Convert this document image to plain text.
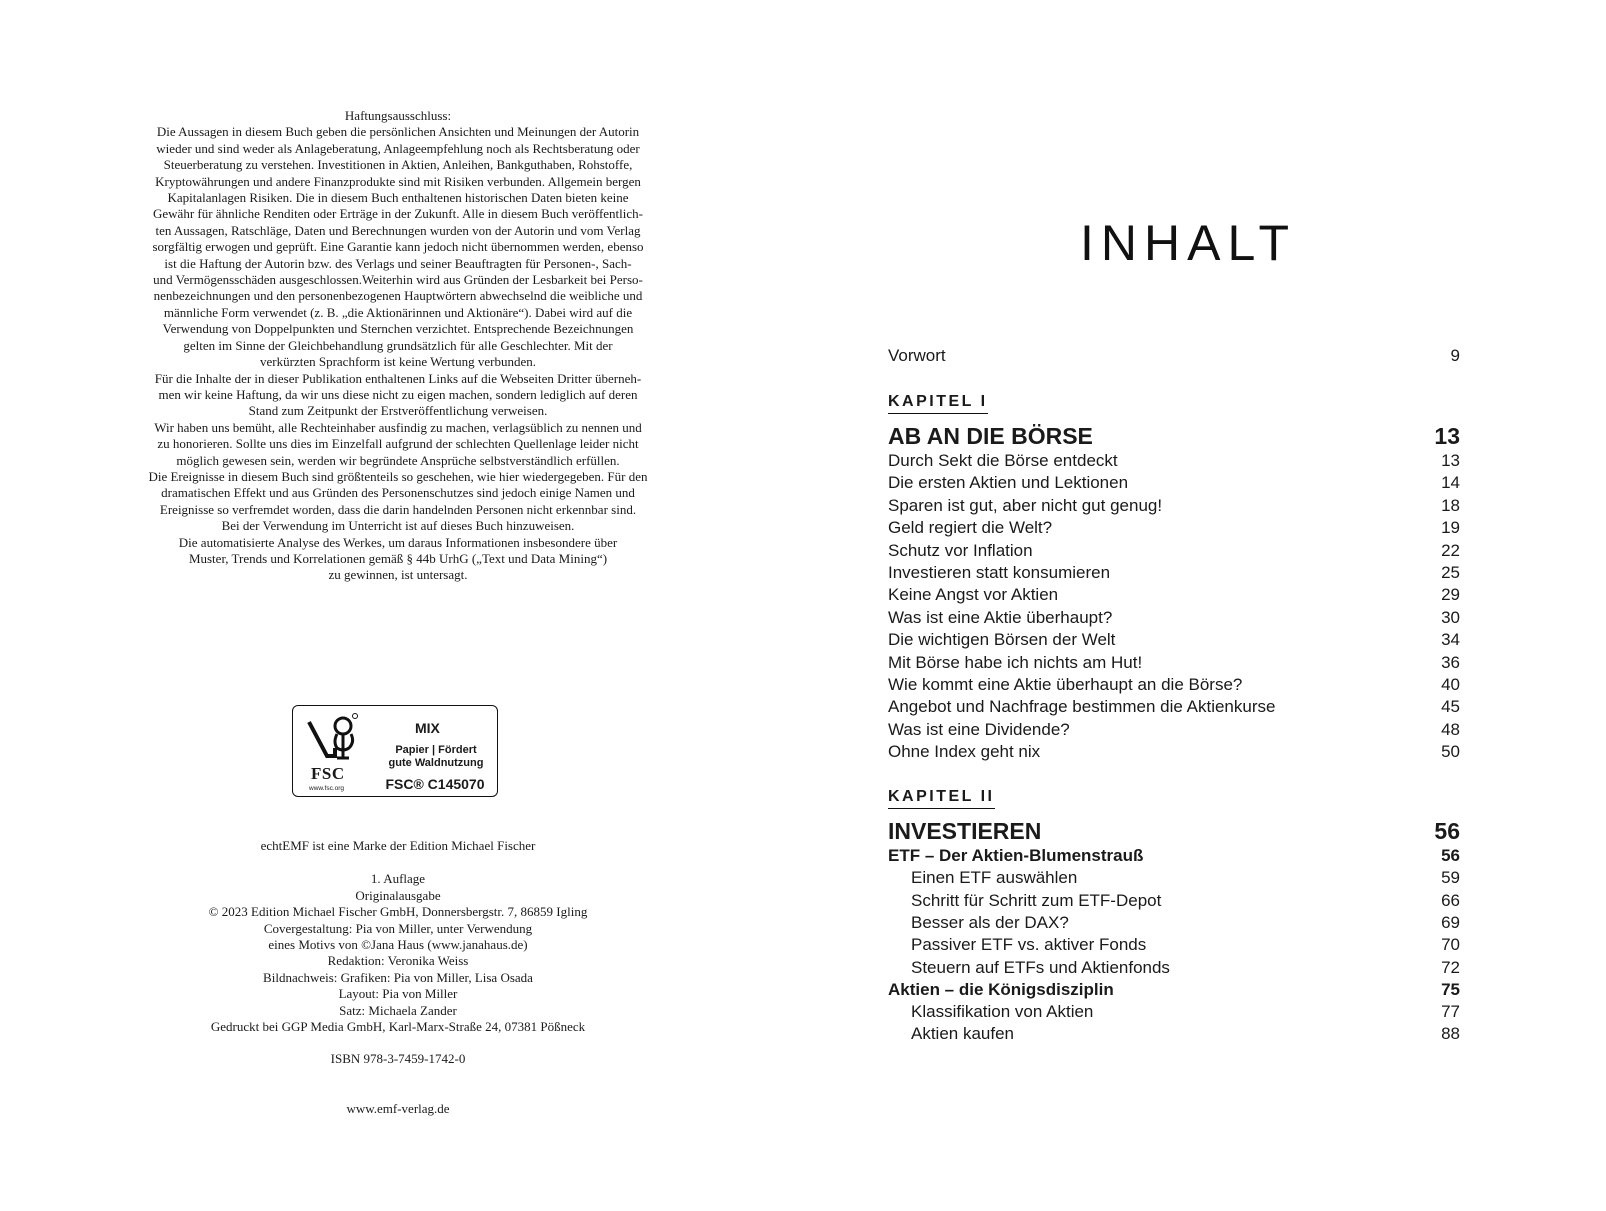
Haftungsausschluss:
Die Aussagen in diesem Buch geben die persönlichen Ansichten und Meinungen der Autorin
wieder und sind weder als Anlageberatung, Anlageempfehlung noch als Rechtsberatung oder
Steuerberatung zu verstehen. Investitionen in Aktien, Anleihen, Bankguthaben, Rohstoffe,
Kryptowährungen und andere Finanzprodukte sind mit Risiken verbunden. Allgemein bergen
Kapitalanlagen Risiken. Die in diesem Buch enthaltenen historischen Daten bieten keine
Gewähr für ähnliche Renditen oder Erträge in der Zukunft. Alle in diesem Buch veröffentlich-
ten Aussagen, Ratschläge, Daten und Berechnungen wurden von der Autorin und vom Verlag
sorgfältig erwogen und geprüft. Eine Garantie kann jedoch nicht übernommen werden, ebenso
ist die Haftung der Autorin bzw. des Verlags und seiner Beauftragten für Personen-, Sach-
und Vermögensschäden ausgeschlossen.Weiterhin wird aus Gründen der Lesbarkeit bei Perso-
nenbezeichnungen und den personenbezogenen Hauptwörtern abwechselnd die weibliche und
männliche Form verwendet (z. B. „die Aktionärinnen und Aktionäre“). Dabei wird auf die
Verwendung von Doppelpunkten und Sternchen verzichtet. Entsprechende Bezeichnungen
gelten im Sinne der Gleichbehandlung grundsätzlich für alle Geschlechter. Mit der
verkürzten Sprachform ist keine Wertung verbunden.

Für die Inhalte der in dieser Publikation enthaltenen Links auf die Webseiten Dritter überneh-
men wir keine Haftung, da wir uns diese nicht zu eigen machen, sondern lediglich auf deren
Stand zum Zeitpunkt der Erstveröffentlichung verweisen.

Wir haben uns bemüht, alle Rechteinhaber ausfindig zu machen, verlagsüblich zu nennen und
zu honorieren. Sollte uns dies im Einzelfall aufgrund der schlechten Quellenlage leider nicht
möglich gewesen sein, werden wir begründete Ansprüche selbstverständlich erfüllen.

Die Ereignisse in diesem Buch sind größtenteils so geschehen, wie hier wiedergegeben. Für den
dramatischen Effekt und aus Gründen des Personenschutzes sind jedoch einige Namen und
Ereignisse so verfremdet worden, dass die darin handelnden Personen nicht erkennbar sind.

Bei der Verwendung im Unterricht ist auf dieses Buch hinzuweisen.

Die automatisierte Analyse des Werkes, um daraus Informationen insbesondere über
Muster, Trends und Korrelationen gemäß § 44b UrhG („Text und Data Mining“)
zu gewinnen, ist untersagt.

FSC
www.fsc.org
MIX
Papier | Fördert
gute Waldnutzung
FSC® C145070

echtEMF ist eine Marke der Edition Michael Fischer

1. Auflage
Originalausgabe
© 2023 Edition Michael Fischer GmbH, Donnersbergstr. 7, 86859 Igling
Covergestaltung: Pia von Miller, unter Verwendung
eines Motivs von ©Jana Haus (www.janahaus.de)
Redaktion: Veronika Weiss
Bildnachweis: Grafiken: Pia von Miller, Lisa Osada
Layout: Pia von Miller
Satz: Michaela Zander
Gedruckt bei GGP Media GmbH, Karl-Marx-Straße 24, 07381 Pößneck

ISBN 978-3-7459-1742-0

www.emf-verlag.de

INHALT
Vorwort	9
KAPITEL I
AB AN DIE BÖRSE	13
Durch Sekt die Börse entdeckt	13
Die ersten Aktien und Lektionen	14
Sparen ist gut, aber nicht gut genug!	18
Geld regiert die Welt?	19
Schutz vor Inflation	22
Investieren statt konsumieren	25
Keine Angst vor Aktien	29
Was ist eine Aktie überhaupt?	30
Die wichtigen Börsen der Welt	34
Mit Börse habe ich nichts am Hut!	36
Wie kommt eine Aktie überhaupt an die Börse?	40
Angebot und Nachfrage bestimmen die Aktienkurse	45
Was ist eine Dividende?	48
Ohne Index geht nix	50
KAPITEL II
INVESTIEREN	56
ETF – Der Aktien-Blumenstrauß	56
Einen ETF auswählen	59
Schritt für Schritt zum ETF-Depot	66
Besser als der DAX?	69
Passiver ETF vs. aktiver Fonds	70
Steuern auf ETFs und Aktienfonds	72
Aktien – die Königsdisziplin	75
Klassifikation von Aktien	77
Aktien kaufen	88
